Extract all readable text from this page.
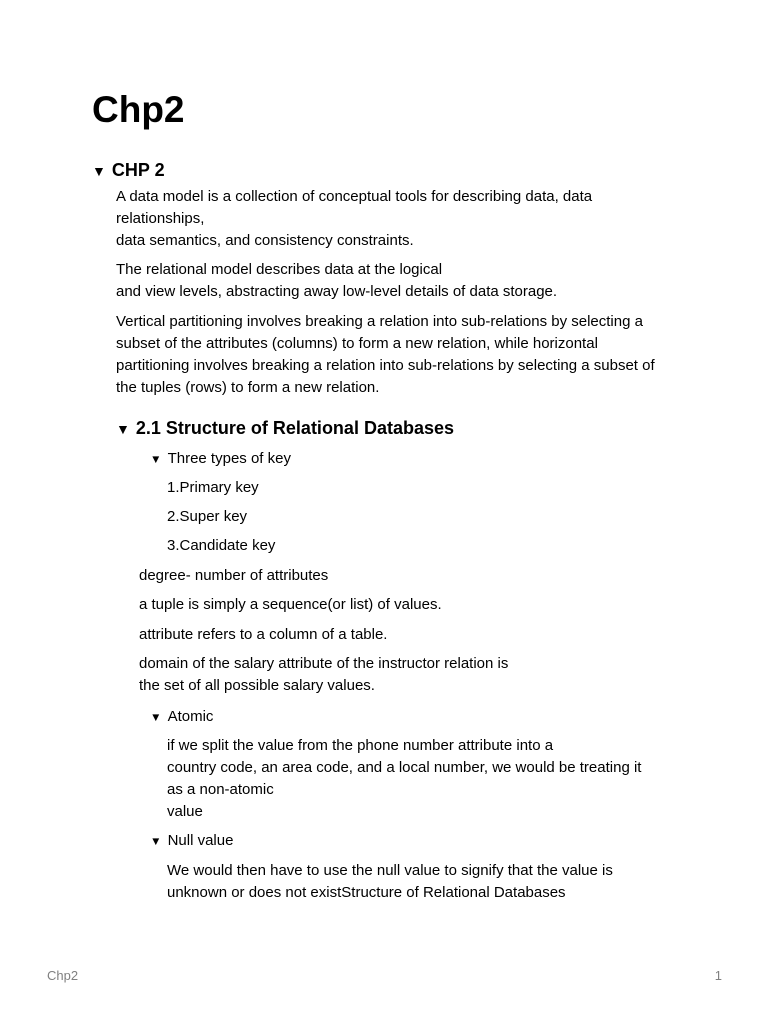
Chp2
▼ CHP 2

A data model is a collection of conceptual tools for describing data, data
relationships,
data semantics, and consistency constraints.

The relational model describes data at the logical
and view levels, abstracting away low-level details of data storage.

Vertical partitioning involves breaking a relation into sub-relations by selecting a
subset of the attributes (columns) to form a new relation, while horizontal
partitioning involves breaking a relation into sub-relations by selecting a subset of
the tuples (rows) to form a new relation.

▼ 2.1 Structure of Relational Databases
▼ Three types of key

1.Primary key

2.Super key

3.Candidate key

degree- number of attributes

a tuple is simply a sequence(or list) of values.

attribute refers to a column of a table.

domain of the salary attribute of the instructor relation is
the set of all possible salary values.

▼ Atomic

if we split the value from the phone number attribute into a
country code, an area code, and a local number, we would be treating it
as a non-atomic
value

▼ Null value

We would then have to use the null value to signify that the value is
unknown or does not existStructure of Relational Databases

Chp2	1
